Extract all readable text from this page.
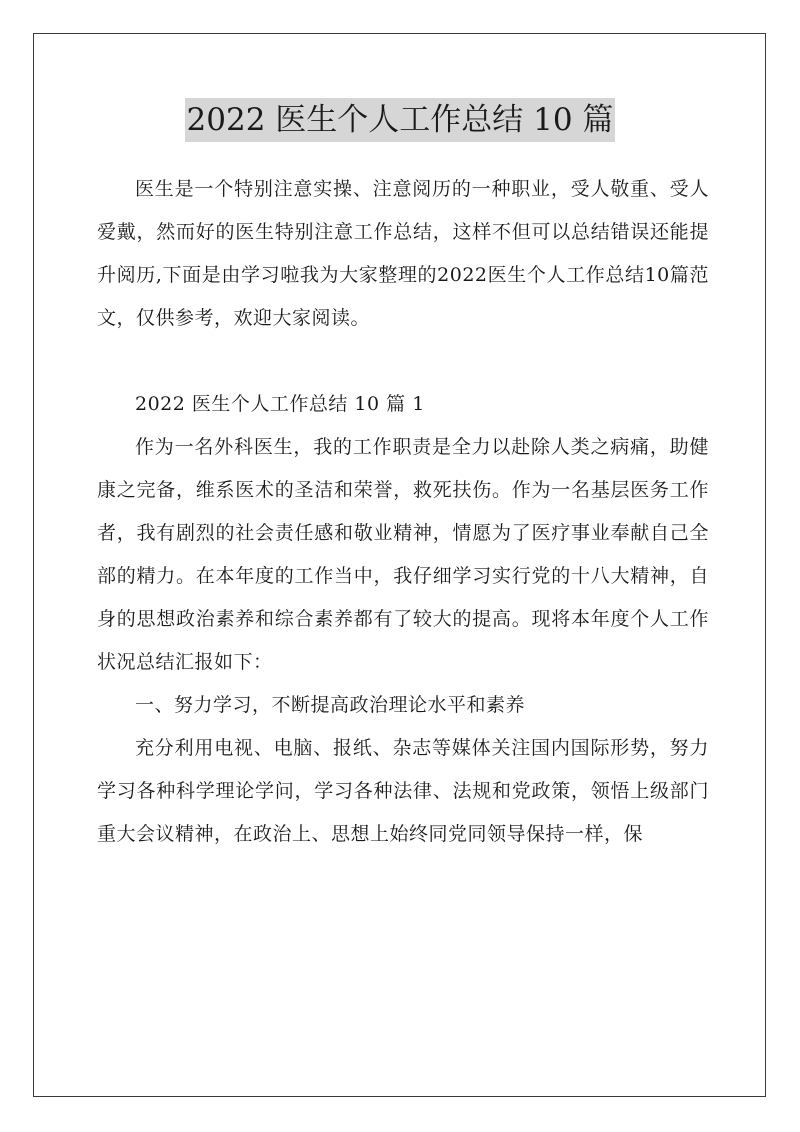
2022 医生个人工作总结 10 篇

医生是一个特别注意实操、注意阅历的一种职业，受人敬重、受人爱戴，然而好的医生特别注意工作总结，这样不但可以总结错误还能提升阅历,下面是由学习啦我为大家整理的2022医生个人工作总结10篇范文，仅供参考，欢迎大家阅读。

2022 医生个人工作总结 10 篇 1

作为一名外科医生，我的工作职责是全力以赴除人类之病痛，助健康之完备，维系医术的圣洁和荣誉，救死扶伤。作为一名基层医务工作者，我有剧烈的社会责任感和敬业精神，情愿为了医疗事业奉献自己全部的精力。在本年度的工作当中，我仔细学习实行党的十八大精神，自身的思想政治素养和综合素养都有了较大的提高。现将本年度个人工作状况总结汇报如下：

一、努力学习，不断提高政治理论水平和素养

充分利用电视、电脑、报纸、杂志等媒体关注国内国际形势，努力学习各种科学理论学问，学习各种法律、法规和党政策，领悟上级部门重大会议精神，在政治上、思想上始终同党同领导保持一样，保
